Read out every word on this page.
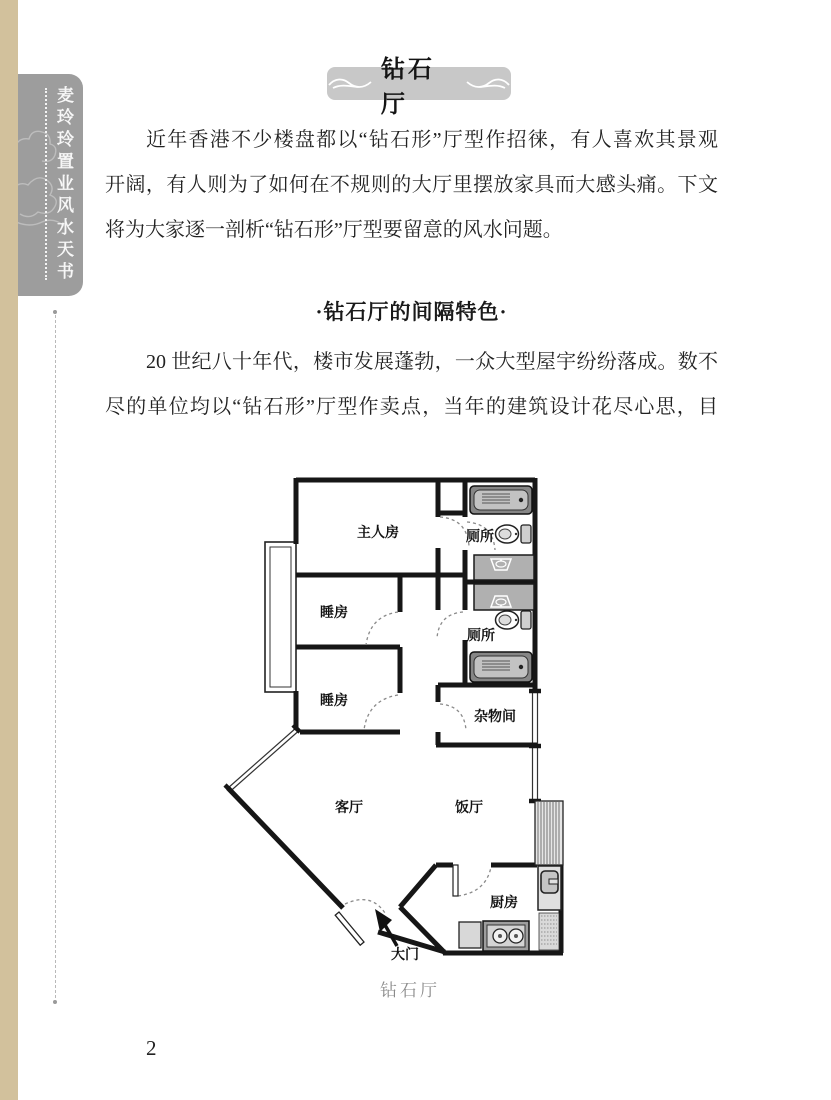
麦玲玲置业风水天书
钻石厅
近年香港不少楼盘都以“钻石形”厅型作招徕，有人喜欢其景观
开阔，有人则为了如何在不规则的大厅里摆放家具而大感头痛。下文
将为大家逐一剖析“钻石形”厅型要留意的风水问题。
·钻石厅的间隔特色·
20 世纪八十年代，楼市发展蓬勃，一众大型屋宇纷纷落成。数不
尽的单位均以“钻石形”厅型作卖点，当年的建筑设计花尽心思，目
主人房	厕所
睡房
厕所
睡房
杂物间
客厅	饭厅
厨房
大门
钻石厅
2
